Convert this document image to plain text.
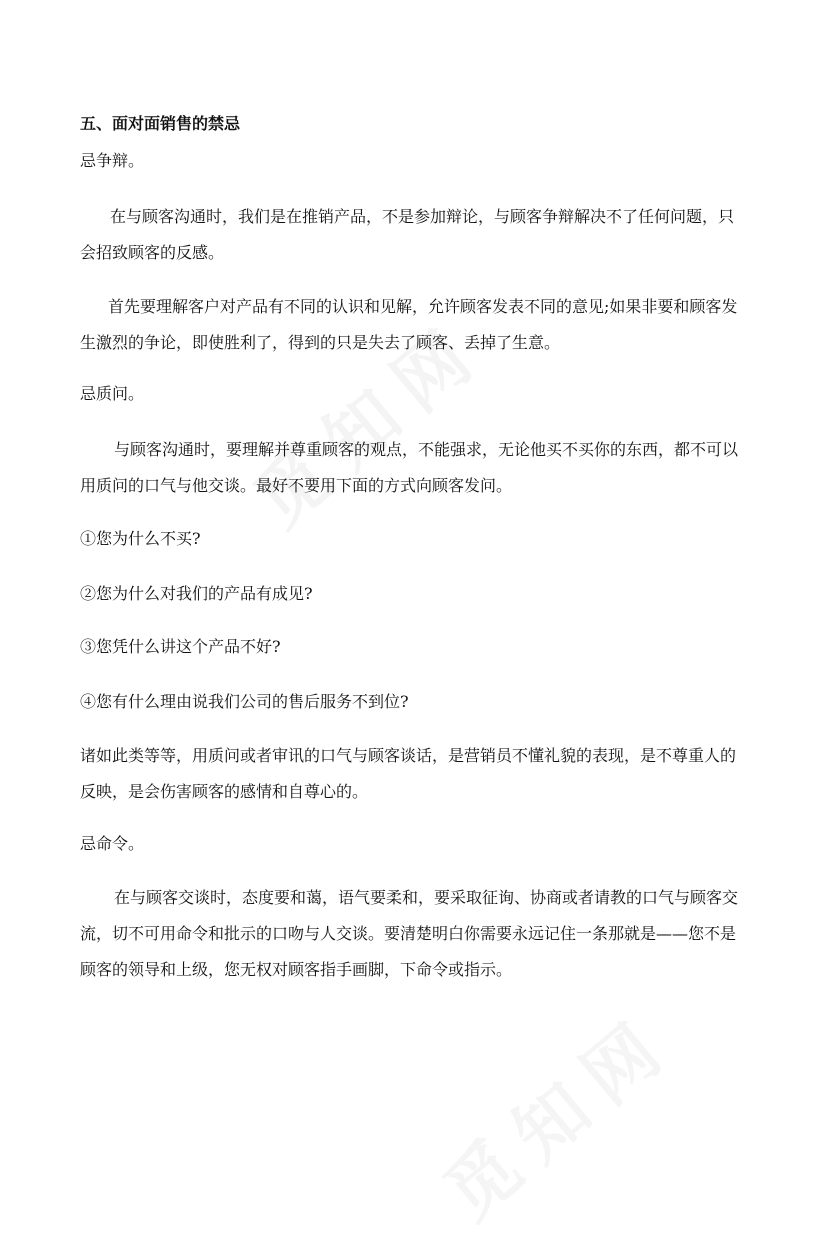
五、面对面销售的禁忌
忌争辩。
在与顾客沟通时，我们是在推销产品，不是参加辩论，与顾客争辩解决不了任何问题，只会招致顾客的反感。
首先要理解客户对产品有不同的认识和见解，允许顾客发表不同的意见;如果非要和顾客发生激烈的争论，即使胜利了，得到的只是失去了顾客、丢掉了生意。
忌质问。
与顾客沟通时，要理解并尊重顾客的观点，不能强求，无论他买不买你的东西，都不可以用质问的口气与他交谈。最好不要用下面的方式向顾客发问。
①您为什么不买?
②您为什么对我们的产品有成见?
③您凭什么讲这个产品不好?
④您有什么理由说我们公司的售后服务不到位?
诸如此类等等，用质问或者审讯的口气与顾客谈话，是营销员不懂礼貌的表现，是不尊重人的反映，是会伤害顾客的感情和自尊心的。
忌命令。
在与顾客交谈时，态度要和蔼，语气要柔和，要采取征询、协商或者请教的口气与顾客交流，切不可用命令和批示的口吻与人交谈。要清楚明白你需要永远记住一条那就是——您不是顾客的领导和上级，您无权对顾客指手画脚，下命令或指示。
